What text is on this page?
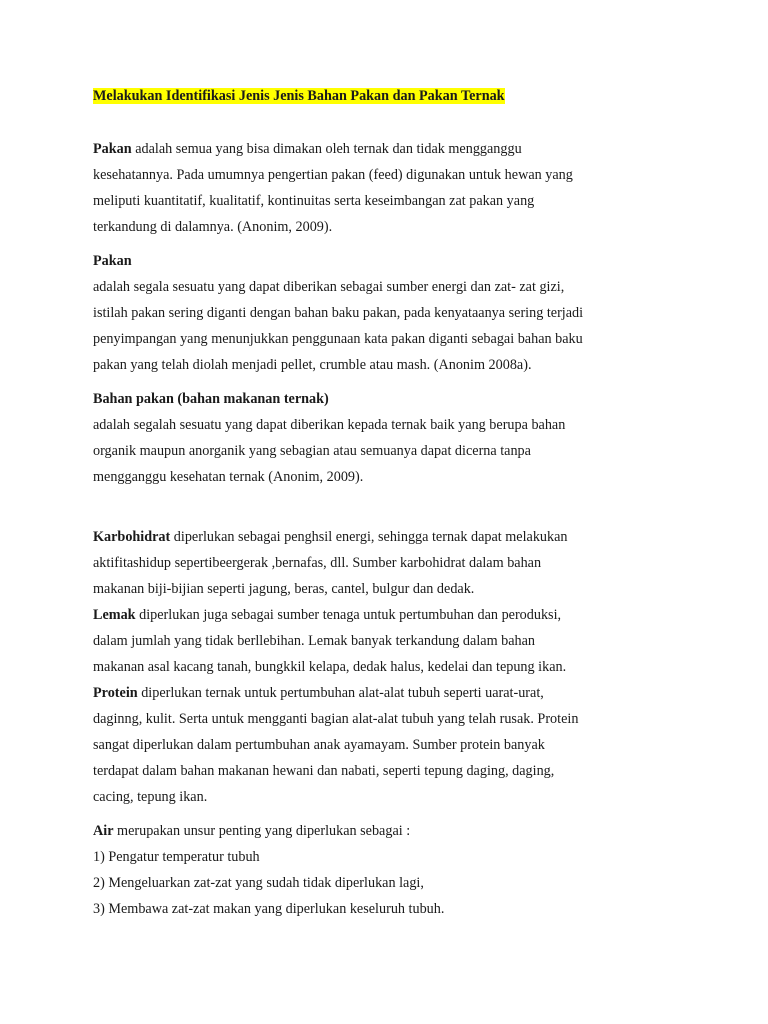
Melakukan Identifikasi Jenis Jenis Bahan Pakan dan Pakan Ternak

Pakan adalah semua yang bisa dimakan oleh ternak dan tidak mengganggu

kesehatannya. Pada umumnya pengertian pakan (feed) digunakan untuk hewan yang

meliputi kuantitatif, kualitatif, kontinuitas serta keseimbangan zat pakan yang

terkandung di dalamnya. (Anonim, 2009).

Pakan

adalah segala sesuatu yang dapat diberikan sebagai sumber energi dan zat- zat gizi,

istilah pakan sering diganti dengan bahan baku pakan, pada kenyataanya sering terjadi

penyimpangan yang menunjukkan penggunaan kata pakan diganti sebagai bahan baku

pakan yang telah diolah menjadi pellet, crumble atau mash. (Anonim 2008a).

Bahan pakan (bahan makanan ternak)

adalah segalah sesuatu yang dapat diberikan kepada ternak baik yang berupa bahan

organik maupun anorganik yang sebagian atau semuanya dapat dicerna tanpa

mengganggu kesehatan ternak (Anonim, 2009).

Karbohidrat diperlukan sebagai penghsil energi, sehingga ternak dapat melakukan

aktifitashidup sepertibeergerak ,bernafas, dll. Sumber karbohidrat dalam bahan

makanan biji-bijian seperti jagung, beras, cantel, bulgur dan dedak.

Lemak diperlukan juga sebagai sumber tenaga untuk pertumbuhan dan peroduksi,

dalam jumlah yang tidak berllebihan. Lemak banyak terkandung dalam bahan

makanan asal kacang tanah, bungkkil kelapa, dedak halus, kedelai dan tepung ikan.

Protein diperlukan ternak untuk pertumbuhan alat-alat tubuh seperti uarat-urat,

daginng, kulit. Serta untuk mengganti bagian alat-alat tubuh yang telah rusak. Protein

sangat diperlukan dalam pertumbuhan anak ayamayam. Sumber protein banyak

terdapat dalam bahan makanan hewani dan nabati, seperti tepung daging, daging,

cacing, tepung ikan.

Air merupakan unsur penting yang diperlukan sebagai :

1) Pengatur temperatur tubuh

2) Mengeluarkan zat-zat yang sudah tidak diperlukan lagi,

3) Membawa zat-zat makan yang diperlukan keseluruh tubuh.
